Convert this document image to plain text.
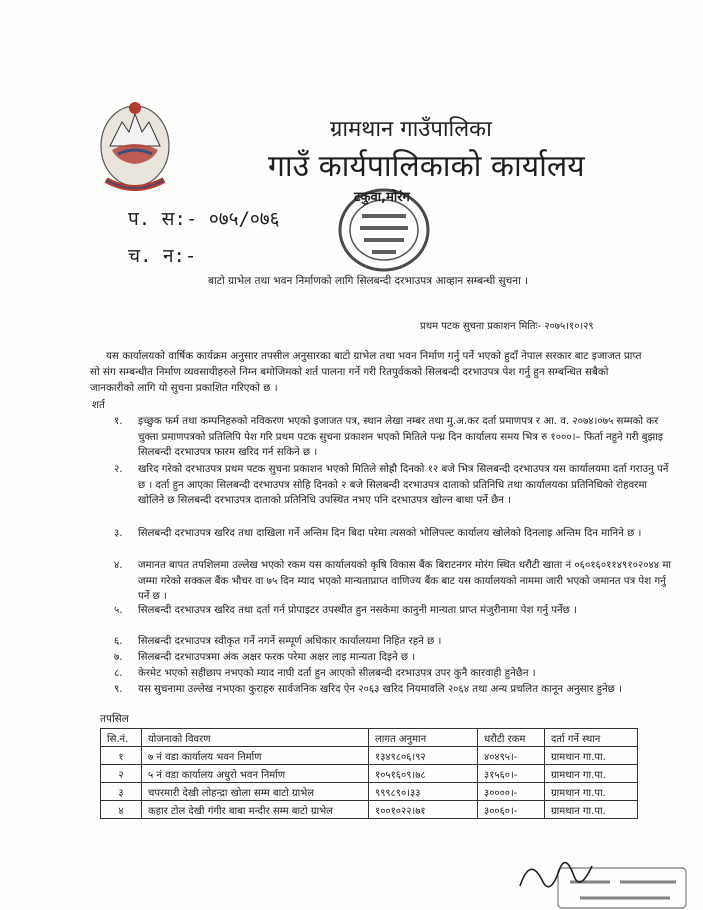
ग्रामथान गाउँपालिका
गाउँ कार्यपालिकाको कार्यालय
टकुवा,मोरंग
प. स:- ०७५/०७६
च. न:-
बाटो ग्राभेल तथा भवन निर्माणको लागि सिलबन्दी दरभाउपत्र आव्हान सम्बन्धी सुचना ।
प्रथम पटक सुचना प्रकाशन मितिः- २०७५।१०।२९
यस कार्यालयको वार्षिक कार्यक्रम अनुसार तपसील अनुसारका बाटो ग्राभेल तथा भवन निर्माण गर्नु पर्ने भएको हुदाँ नेपाल सरकार बाट इजाजत प्राप्त सो संग सम्बन्धीत निर्माण व्यवसायीहरुले निम्न बमोजिमको शर्त पालना गर्ने गरी रितपुर्वकको सिलबन्दी दरभाउपत्र पेश गर्नु हुन सम्बन्धित सबैको जानकारीको लागि यो सुचना प्रकाशित गरिएको छ ।
शर्त
१.	इच्छुक फर्म तथा कम्पनिहरुको नविकरण भएको इजाजत पत्र, स्थान लेखा नम्बर तथा मु.अ.कर दर्ता प्रमाणपत्र र आ. व. २०७४।०७५ सम्मको कर चुक्ता प्रमाणपत्रको प्रतिलिपि पेश गरि प्रथम पटक सुचना प्रकाशन भएको मितिले पन्ध्र दिन कार्यालय समय भित्र रु १०००।– फिर्ता नहुने गरी बुझाइ सिलबन्दी दरभाउपत्र फारम खरिद गर्न सकिने छ ।
२.	खरिद गरेको दरभाउपत्र प्रथम पटक सुचना प्रकाशन भएको मितिले सोह्रौ दिनको १२ बजे भित्र सिलबन्दी दरभाउपत्र यस कार्यालयमा दर्ता गराउनु पर्ने छ । दर्ता हुन आएका सिलबन्दी दरभाउपत्र सोहि दिनको २ बजे सिलबन्दी दरभाउपत्र दाताको प्रतिनिधि तथा कार्यालयका प्रतिनिधिको रोहवरमा खोलिने छ सिलबन्दी दरभाउपत्र दाताको प्रतिनिधि उपस्थित नभए पनि दरभाउपत्र खोल्न बाधा पर्ने छैन ।
३.	सिलबन्दी दरभाउपत्र खरिद तथा दाखिला गर्ने अन्तिम दिन बिदा परेमा त्यसको भोलिपल्ट कार्यालय खोलेको दिनलाइ अन्तिम दिन मानिने छ ।
४.	जमानत बापत तपशिलमा उल्लेख भएको रकम यस कार्यालयको कृषि विकास बैंक बिराटनगर मोरंग स्थित धरौटी खाता नं ०६०१६०११४९१०२०४४ मा जम्मा गरेको सक्कल बैंक भौचर वा ७५ दिन म्याद भएको मान्यताप्राप्त वाणिज्य बैंक बाट यस कार्यालयको नाममा जारी भएको जमानत पत्र पेश गर्नु पर्ने छ ।
५.	सिलबन्दी दरभाउपत्र खरिद तथा दर्ता गर्न प्रोपाइटर उपस्थीत हुन नसकेमा कानुनी मान्यता प्राप्त मंजुरीनामा पेश गर्नु पर्नेछ ।
६.	सिलबन्दी दरभाउपत्र स्वीकृत गर्ने नगर्ने सम्पूर्ण अधिकार कार्यालयमा निहित रहने छ ।
७.	सिलबन्दी दरभाउपत्रमा अंक अक्षर फरक परेमा अक्षर लाइ मान्यता दिइने छ ।
८.	केरमेट भएको सहीछाप नभएको म्याद नाघी दर्ता हुन आएको सीलबन्दी दरभाउपत्र उपर कुनै कारवाही हुनेछैन ।
९.	यस सुचनामा उल्लेख नभएका कुराहरु सार्वजनिक खरिद ऐन २०६३ खरिद नियमावलि २०६४ तथा अन्य प्रचलित कानून अनुसार हुनेछ ।
तपसिल
सि.नं.	योजनाको विवरण	लागत अनुमान	धरौटी रकम	दर्ता गर्ने स्थान
१	७ नं वडा कार्यालय भवन निर्माण	१३४९८०६।९२	४०४९५।-	ग्रामथान गा.पा.
२	५ नं वडा कार्यालय अधुरो भवन निर्माण	१०५१६०९।७८	३१५६०।-	ग्रामथान गा.पा.
३	चपरमारी देखी लोहन्द्रा खोला सम्म बाटो ग्राभेल	९९९८९०।३३	३००००।-	ग्रामथान गा.पा.
४	कहार टोल देखी गंगीर बाबा मन्दीर सम्म बाटो ग्राभेल	१००१०२२।७१	३००६०।-	ग्रामथान गा.पा.
